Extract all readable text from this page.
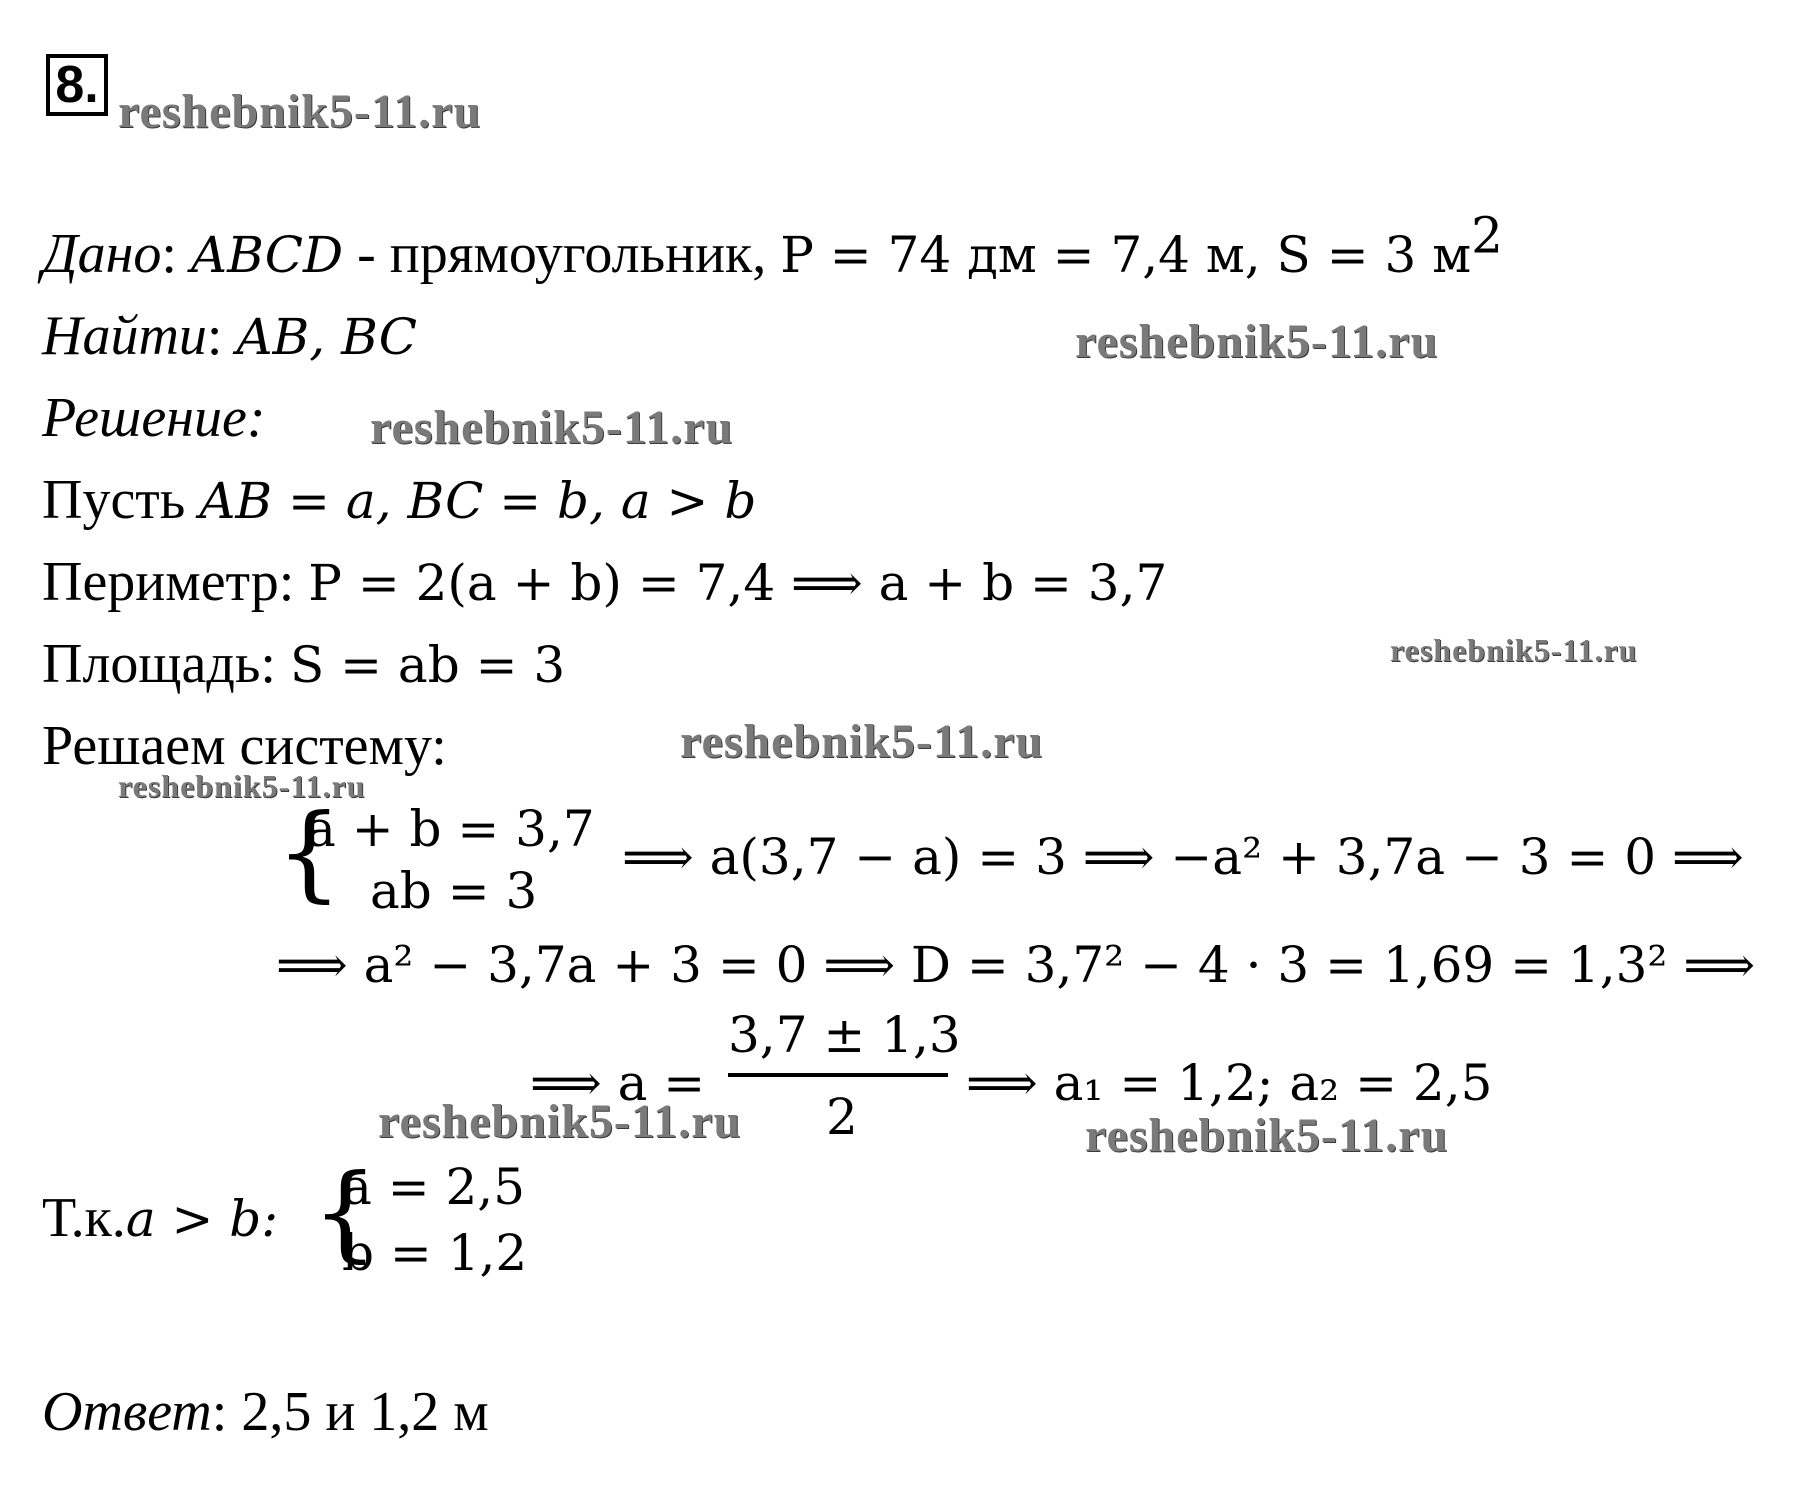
8. reshebnik5-11.ru
reshebnik5-11.ru
reshebnik5-11.ru
reshebnik5-11.ru
reshebnik5-11.ru
reshebnik5-11.ru
reshebnik5-11.ru	reshebnik5-11.ru
Дано: ABCD - прямоугольник, P = 74 дм = 7,4 м, S = 3 $м^2$
Найти: AB, BC
Решение:
Пусть AB = a, BC = b, a > b
Периметр: P = 2(a + b) = 7,4 ⟹ a + b = 3,7
Площадь: S = ab = 3
Решаем систему:
{
a + b = 3,7
ab = 3
⟹ a(3,7 − a) = 3 ⟹ −a² + 3,7a − 3 = 0 ⟹
⟹ a² − 3,7a + 3 = 0 ⟹ D = 3,7² − 4 · 3 = 1,69 = 1,3² ⟹
⟹ a =
3,7 ± 1,3
2
⟹ a₁ = 1,2; a₂ = 2,5
Т.к.a > b: {
a = 2,5
b = 1,2
Ответ: 2,5 и 1,2 м
